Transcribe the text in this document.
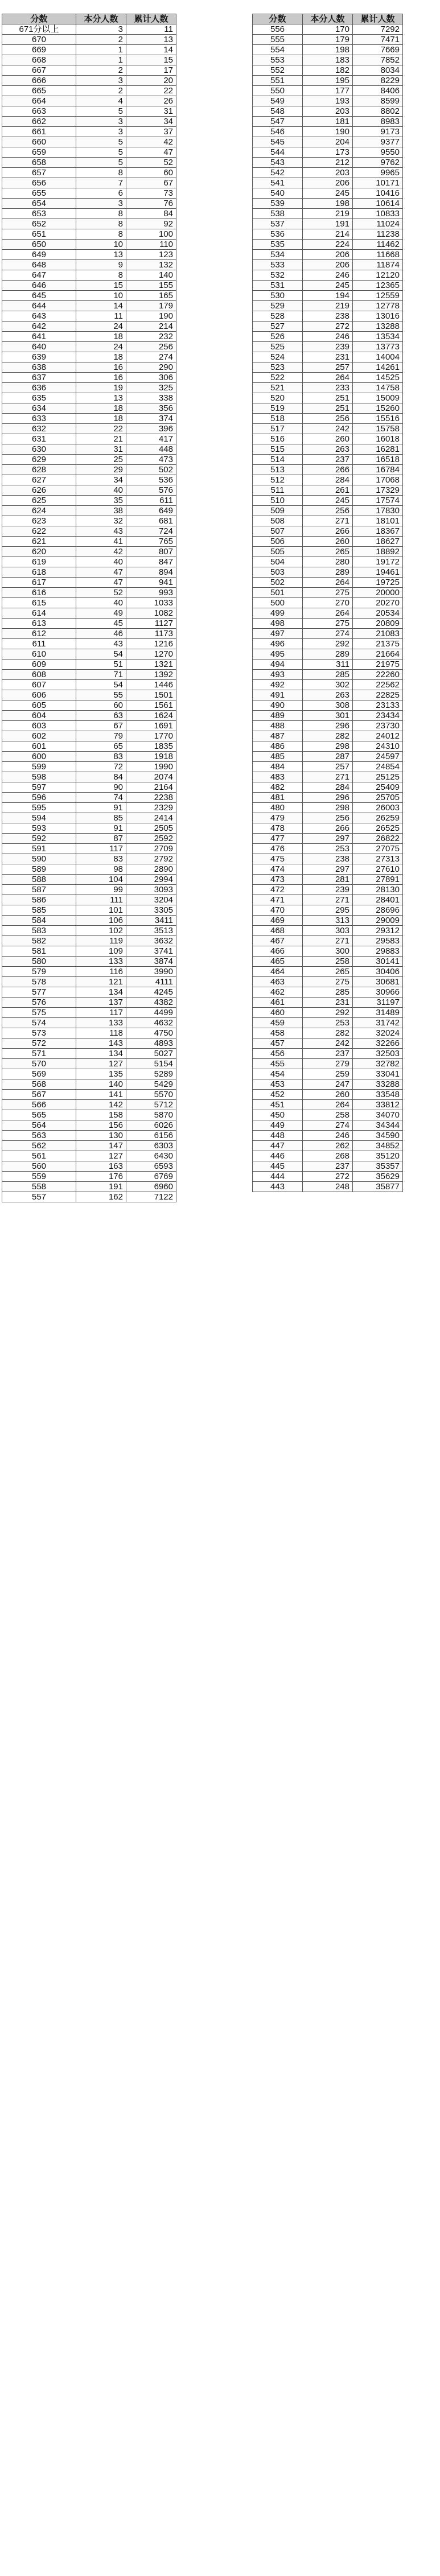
分数	本分人数	累计人数
671分以上	3	11
670	2	13
669	1	14
668	1	15
667	2	17
666	3	20
665	2	22
664	4	26
663	5	31
662	3	34
661	3	37
660	5	42
659	5	47
658	5	52
657	8	60
656	7	67
655	6	73
654	3	76
653	8	84
652	8	92
651	8	100
650	10	110
649	13	123
648	9	132
647	8	140
646	15	155
645	10	165
644	14	179
643	11	190
642	24	214
641	18	232
640	24	256
639	18	274
638	16	290
637	16	306
636	19	325
635	13	338
634	18	356
633	18	374
632	22	396
631	21	417
630	31	448
629	25	473
628	29	502
627	34	536
626	40	576
625	35	611
624	38	649
623	32	681
622	43	724
621	41	765
620	42	807
619	40	847
618	47	894
617	47	941
616	52	993
615	40	1033
614	49	1082
613	45	1127
612	46	1173
611	43	1216
610	54	1270
609	51	1321
608	71	1392
607	54	1446
606	55	1501
605	60	1561
604	63	1624
603	67	1691
602	79	1770
601	65	1835
600	83	1918
599	72	1990
598	84	2074
597	90	2164
596	74	2238
595	91	2329
594	85	2414
593	91	2505
592	87	2592
591	117	2709
590	83	2792
589	98	2890
588	104	2994
587	99	3093
586	111	3204
585	101	3305
584	106	3411
583	102	3513
582	119	3632
581	109	3741
580	133	3874
579	116	3990
578	121	4111
577	134	4245
576	137	4382
575	117	4499
574	133	4632
573	118	4750
572	143	4893
571	134	5027
570	127	5154
569	135	5289
568	140	5429
567	141	5570
566	142	5712
565	158	5870
564	156	6026
563	130	6156
562	147	6303
561	127	6430
560	163	6593
559	176	6769
558	191	6960
557	162	7122
分数	本分人数	累计人数
556	170	7292
555	179	7471
554	198	7669
553	183	7852
552	182	8034
551	195	8229
550	177	8406
549	193	8599
548	203	8802
547	181	8983
546	190	9173
545	204	9377
544	173	9550
543	212	9762
542	203	9965
541	206	10171
540	245	10416
539	198	10614
538	219	10833
537	191	11024
536	214	11238
535	224	11462
534	206	11668
533	206	11874
532	246	12120
531	245	12365
530	194	12559
529	219	12778
528	238	13016
527	272	13288
526	246	13534
525	239	13773
524	231	14004
523	257	14261
522	264	14525
521	233	14758
520	251	15009
519	251	15260
518	256	15516
517	242	15758
516	260	16018
515	263	16281
514	237	16518
513	266	16784
512	284	17068
511	261	17329
510	245	17574
509	256	17830
508	271	18101
507	266	18367
506	260	18627
505	265	18892
504	280	19172
503	289	19461
502	264	19725
501	275	20000
500	270	20270
499	264	20534
498	275	20809
497	274	21083
496	292	21375
495	289	21664
494	311	21975
493	285	22260
492	302	22562
491	263	22825
490	308	23133
489	301	23434
488	296	23730
487	282	24012
486	298	24310
485	287	24597
484	257	24854
483	271	25125
482	284	25409
481	296	25705
480	298	26003
479	256	26259
478	266	26525
477	297	26822
476	253	27075
475	238	27313
474	297	27610
473	281	27891
472	239	28130
471	271	28401
470	295	28696
469	313	29009
468	303	29312
467	271	29583
466	300	29883
465	258	30141
464	265	30406
463	275	30681
462	285	30966
461	231	31197
460	292	31489
459	253	31742
458	282	32024
457	242	32266
456	237	32503
455	279	32782
454	259	33041
453	247	33288
452	260	33548
451	264	33812
450	258	34070
449	274	34344
448	246	34590
447	262	34852
446	268	35120
445	237	35357
444	272	35629
443	248	35877
